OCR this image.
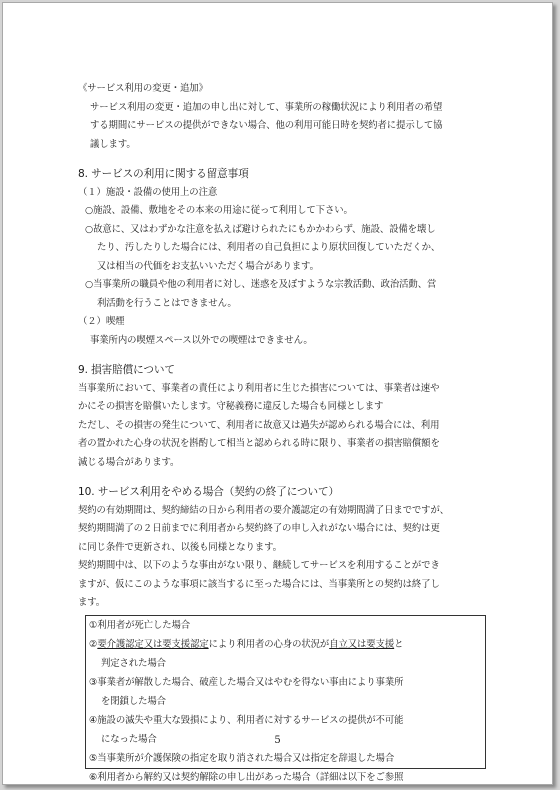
《サービス利用の変更・追加》

サービス利用の変更・追加の申し出に対して、事業所の稼働状況により利用者の希望

する期間にサービスの提供ができない場合、他の利用可能日時を契約者に提示して協

議します。

8. サービスの利用に関する留意事項

（１）施設・設備の使用上の注意

○施設、設備、敷地をその本来の用途に従って利用して下さい。

○故意に、又はわずかな注意を払えば避けられたにもかかわらず、施設、設備を壊し

たり、汚したりした場合には、利用者の自己負担により原状回復していただくか、

又は相当の代価をお支払いいただく場合があります。

○当事業所の職員や他の利用者に対し、迷惑を及ぼすような宗教活動、政治活動、営

利活動を行うことはできません。

（２）喫煙

事業所内の喫煙スペース以外での喫煙はできません。

9. 損害賠償について

当事業所において、事業者の責任により利用者に生じた損害については、事業者は速や

かにその損害を賠償いたします。守秘義務に違反した場合も同様とします

ただし、その損害の発生について、利用者に故意又は過失が認められる場合には、利用

者の置かれた心身の状況を斟酌して相当と認められる時に限り、事業者の損害賠償額を

減じる場合があります。

10. サービス利用をやめる場合（契約の終了について）

契約の有効期間は、契約締結の日から利用者の要介護認定の有効期間満了日までですが、

契約期間満了の２日前までに利用者から契約終了の申し入れがない場合には、契約は更

に同じ条件で更新され、以後も同様となります。

契約期間中は、以下のような事由がない限り、継続してサービスを利用することができ

ますが、仮にこのような事項に該当するに至った場合には、当事業所との契約は終了し

ます。

①利用者が死亡した場合
②要介護認定又は要支援認定により利用者の心身の状況が自立又は要支援と
判定された場合
③事業者が解散した場合、破産した場合又はやむを得ない事由により事業所
を閉鎖した場合
④施設の滅失や重大な毀損により、利用者に対するサービスの提供が不可能
になった場合
⑤当事業所が介護保険の指定を取り消された場合又は指定を辞退した場合
⑥利用者から解約又は契約解除の申し出があった場合（詳細は以下をご参照
5
